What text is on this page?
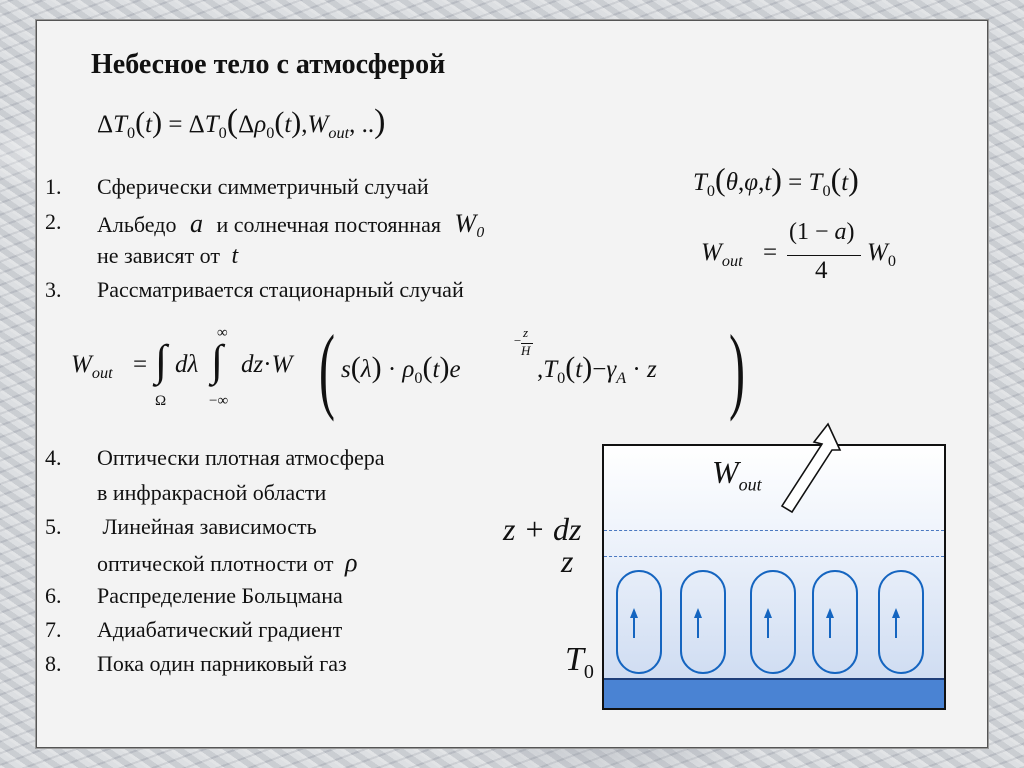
Небесное тело с атмосферой
$\Delta T_0(t) = \Delta T_0(\Delta\rho_0(t),W_{out}$, ..)
1. Сферически симметричный случай
2. Альбедо a и солнечная постоянная W₀
не зависят от t
3. Рассматривается стационарный случай
$T_0(\theta,\varphi,t) = T_0(t)$
$W_{out}$ =
(1 − a)
4
$W_0$
$W_{out}$ = ∫
Ω
dλ ∫
∞
−∞
dz·W ( $s(\lambda) \cdot \rho_0(t)e$
−
z
H
$,T_0(t)-\gamma_A \cdot z$ )
4. Оптически плотная атмосфера
в инфракрасной области
5. Линейная зависимость
оптической плотности от ρ
6. Распределение Больцмана
7. Адиабатический градиент
8. Пока один парниковый газ
z + dz
z
$T_0$
$W_{out}$
